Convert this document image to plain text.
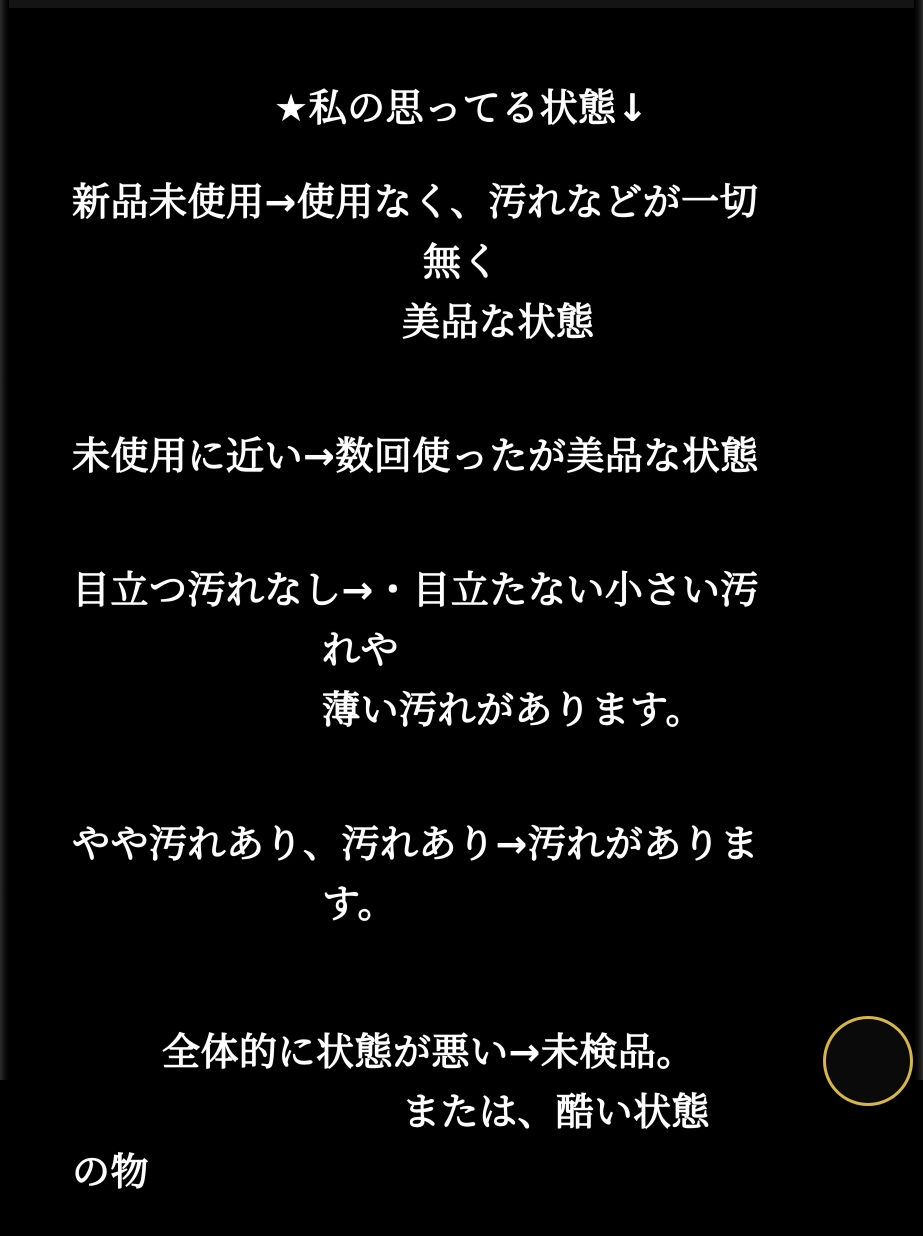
★私の思ってる状態↓
新品未使用→使用なく、汚れなどが一切
無く
美品な状態
未使用に近い→数回使ったが美品な状態
目立つ汚れなし→・目立たない小さい汚
れや
薄い汚れがあります。
やや汚れあり、汚れあり→汚れがありま
す。
全体的に状態が悪い→未検品。
または、酷い状態
の物
